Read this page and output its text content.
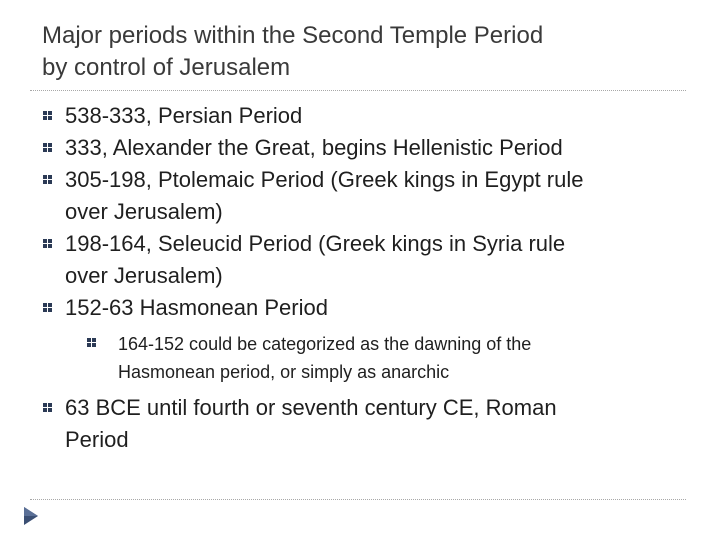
Major periods within the Second Temple Period
by control of Jerusalem
538-333, Persian Period
333, Alexander the Great, begins Hellenistic Period
305-198, Ptolemaic Period (Greek kings in Egypt rule
over Jerusalem)
198-164, Seleucid Period (Greek kings in Syria rule
over Jerusalem)
152-63 Hasmonean Period
164-152 could be categorized as the dawning of the
Hasmonean period, or simply as anarchic
63 BCE until fourth or seventh century CE, Roman
Period
